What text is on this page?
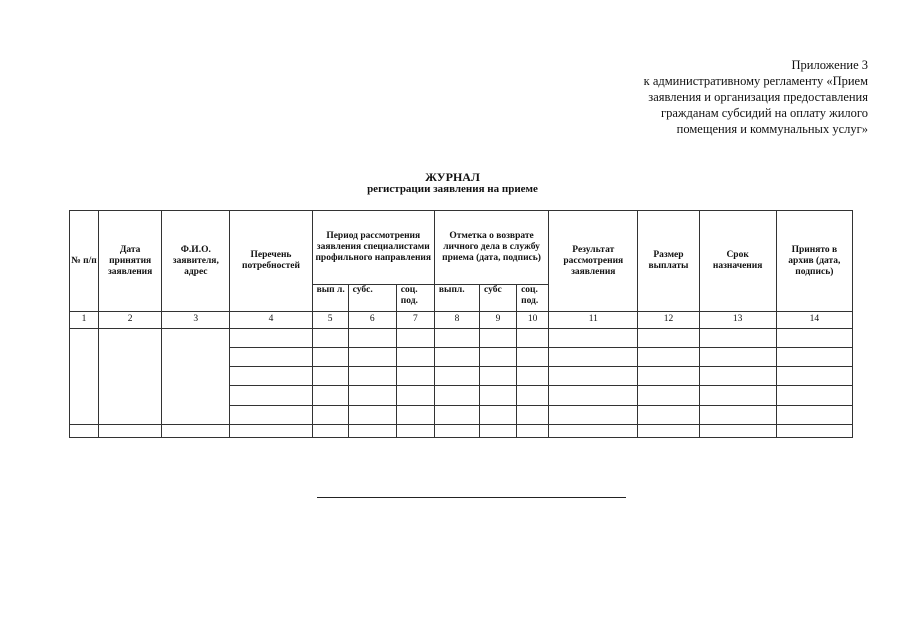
Приложение 3
к административному регламенту «Прием
заявления и организация предоставления
гражданам субсидий на оплату жилого
помещения и коммунальных услуг»
ЖУРНАЛ
регистрации заявления на приеме
№ п/п	Дата принятия заявления	Ф.И.О. заявителя, адрес	Перечень потребностей	Период рассмотрения заявления специалистами профильного направления			Отметка о возврате личного дела в службу приема (дата, подпись)			Результат рассмотрения заявления	Размер выплаты	Срок назначения	Принято в архив (дата, подпись)
				вып л.	субс.	соц. под.	выпл.	субс	соц. под.				
1	2	3	4	5	6	7	8	9	10	11	12	13	14
